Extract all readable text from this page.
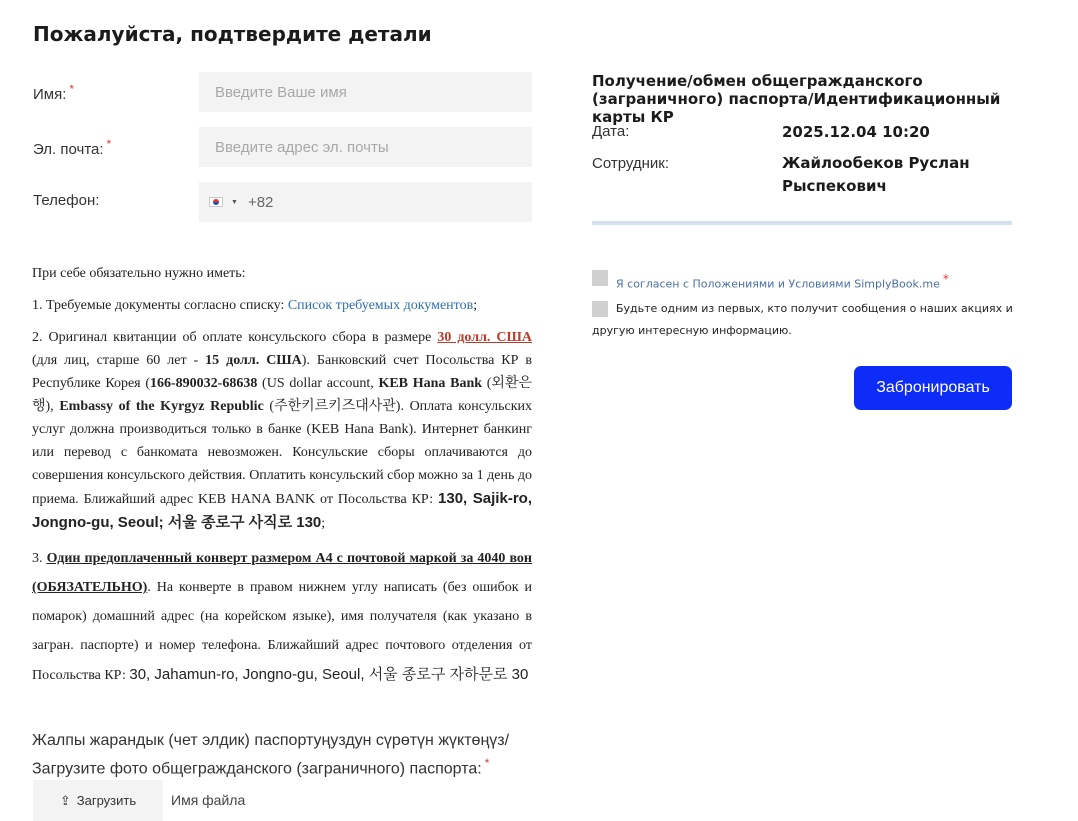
Пожалуйста, подтвердите детали
Имя: *
Введите Ваше имя
Эл. почта: *
Введите адрес эл. почты
Телефон:	▼ +82

При себе обязательно нужно иметь:

1. Требуемые документы согласно списку: Список требуемых документов;

2. Оригинал квитанции об оплате консульского сбора в размере 30 долл. США (для лиц, старше 60 лет - 15 долл. США). Банковский счет Посольства КР в Республике Корея (166-890032-68638 (US dollar account, KEB Hana Bank (외환은행), Embassy of the Kyrgyz Republic (주한키르키즈대사관). Оплата консульских услуг должна производиться только в банке (KEB Hana Bank). Интернет банкинг или перевод с банкомата невозможен. Консульские сборы оплачиваются до совершения консульского действия. Оплатить консульский сбор можно за 1 день до приема. Ближайший адрес KEB HANA BANK от Посольства КР: 130, Sajik-ro, Jongno-gu, Seoul; 서울 종로구 사직로 130;

3. Один предоплаченный конверт размером А4 с почтовой маркой за 4040 вон (ОБЯЗАТЕЛЬНО). На конверте в правом нижнем углу написать (без ошибок и помарок) домашний адрес (на корейском языке), имя получателя (как указано в загран. паспорте) и номер телефона. Ближайший адрес почтового отделения от Посольства КР: 30, Jahamun-ro, Jongno-gu, Seoul, 서울 종로구 자하문로 30

Жалпы жарандык (чет элдик) паспортуңуздун сүрөтүн жүктөңүз/ Загрузите фото общегражданского (заграничного) паспорта: *
⇪ Загрузить Имя файла
Получение/обмен общегражданского (заграничного) паспорта/Идентификационный карты КР
Дата:	2025.12.04 10:20
Сотрудник:	Жайлообеков Руслан Рыспекович
Я согласен с Положениями и Условиями SimplyBook.me *
Будьте одним из первых, кто получит сообщения о наших акциях и другую интересную информацию.
Забронировать
